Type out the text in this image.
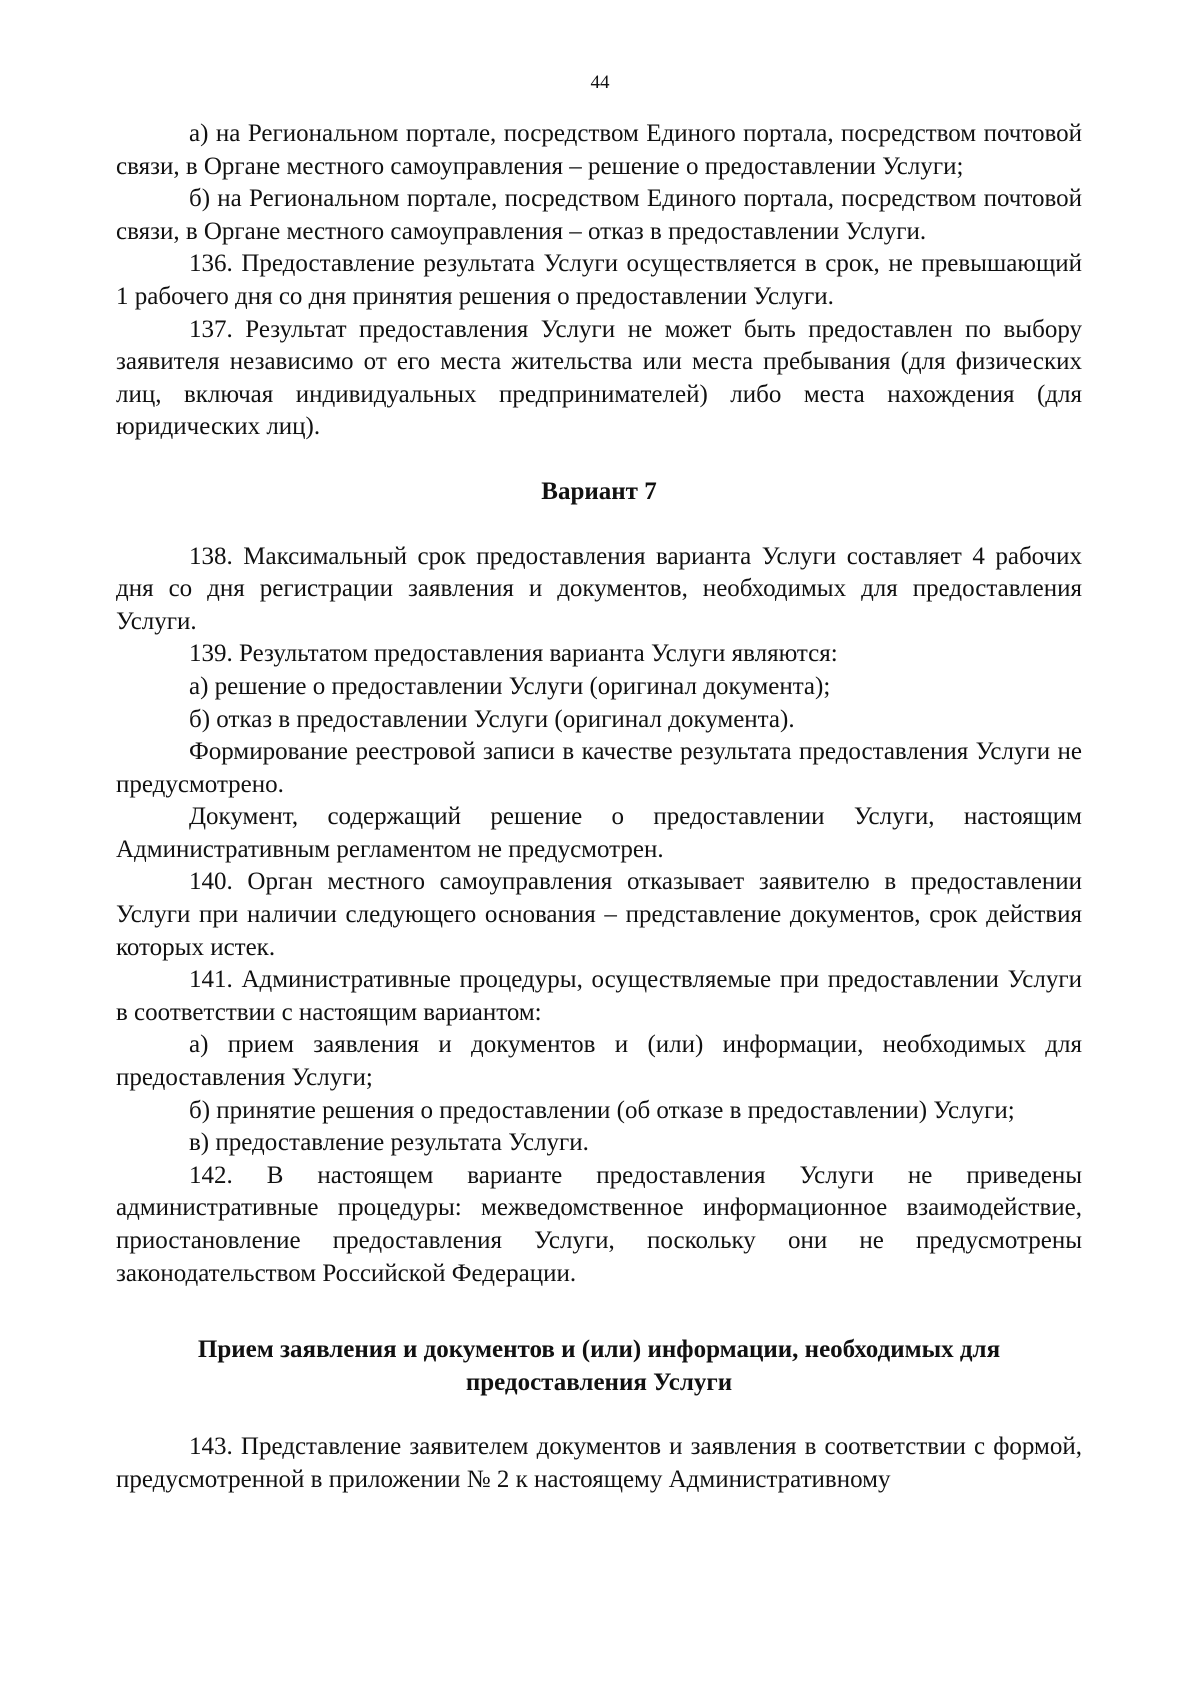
44

а) на Региональном портале, посредством Единого портала, посредством почтовой связи, в Органе местного самоуправления – решение о предоставлении Услуги;

б) на Региональном портале, посредством Единого портала, посредством почтовой связи, в Органе местного самоуправления – отказ в предоставлении Услуги.

136. Предоставление результата Услуги осуществляется в срок, не превышающий 1 рабочего дня со дня принятия решения о предоставлении Услуги.

137. Результат предоставления Услуги не может быть предоставлен по выбору заявителя независимо от его места жительства или места пребывания (для физических лиц, включая индивидуальных предпринимателей) либо места нахождения (для юридических лиц).

Вариант 7

138. Максимальный срок предоставления варианта Услуги составляет 4 рабочих дня со дня регистрации заявления и документов, необходимых для предоставления Услуги.

139. Результатом предоставления варианта Услуги являются:

а) решение о предоставлении Услуги (оригинал документа);

б) отказ в предоставлении Услуги (оригинал документа).

Формирование реестровой записи в качестве результата предоставления Услуги не предусмотрено.

Документ, содержащий решение о предоставлении Услуги, настоящим Административным регламентом не предусмотрен.

140. Орган местного самоуправления отказывает заявителю в предоставлении Услуги при наличии следующего основания – представление документов, срок действия которых истек.

141. Административные процедуры, осуществляемые при предоставлении Услуги в соответствии с настоящим вариантом:

а) прием заявления и документов и (или) информации, необходимых для предоставления Услуги;

б) принятие решения о предоставлении (об отказе в предоставлении) Услуги;

в) предоставление результата Услуги.

142. В настоящем варианте предоставления Услуги не приведены административные процедуры: межведомственное информационное взаимодействие, приостановление предоставления Услуги, поскольку они не предусмотрены законодательством Российской Федерации.

Прием заявления и документов и (или) информации, необходимых для
предоставления Услуги

143. Представление заявителем документов и заявления в соответствии с формой, предусмотренной в приложении № 2 к настоящему Административному
